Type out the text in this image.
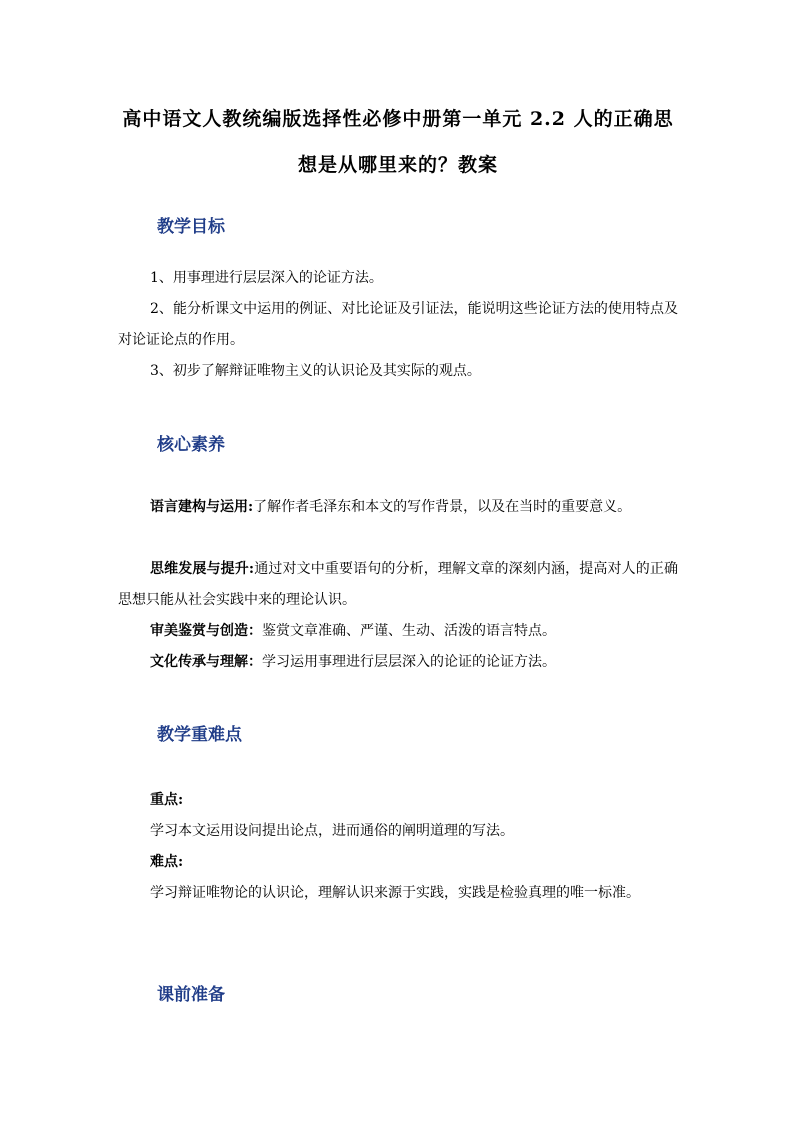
高中语文人教统编版选择性必修中册第一单元 2.2 人的正确思想是从哪里来的？教案
教学目标
1、用事理进行层层深入的论证方法。
2、能分析课文中运用的例证、对比论证及引证法，能说明这些论证方法的使用特点及对论证论点的作用。
3、初步了解辩证唯物主义的认识论及其实际的观点。
核心素养
语言建构与运用:了解作者毛泽东和本文的写作背景，以及在当时的重要意义。
思维发展与提升:通过对文中重要语句的分析，理解文章的深刻内涵，提高对人的正确思想只能从社会实践中来的理论认识。
审美鉴赏与创造：鉴赏文章准确、严谨、生动、活泼的语言特点。
文化传承与理解：学习运用事理进行层层深入的论证的论证方法。
教学重难点
重点:
学习本文运用设问提出论点，进而通俗的阐明道理的写法。
难点:
学习辩证唯物论的认识论，理解认识来源于实践，实践是检验真理的唯一标准。
课前准备
